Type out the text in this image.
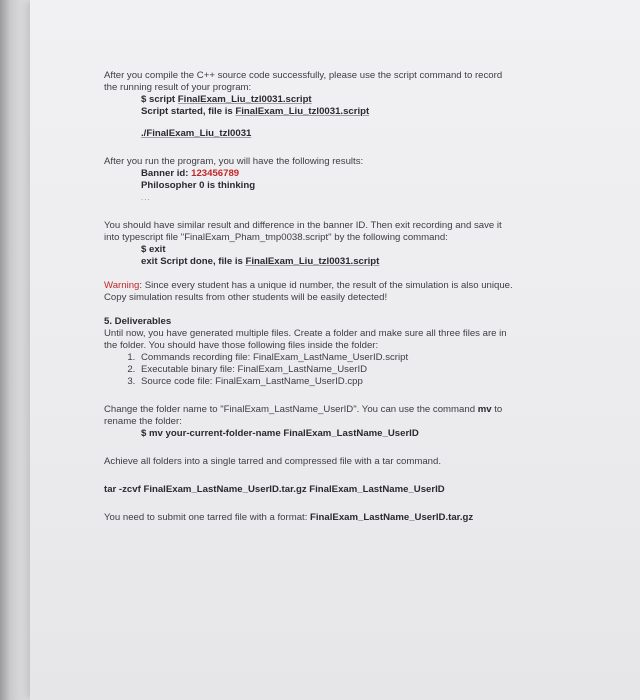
After you compile the C++ source code successfully, please use the script command to record
the running result of your program:

$ script FinalExam_Liu_tzl0031.script

Script started, file is FinalExam_Liu_tzl0031.script

./FinalExam_Liu_tzl0031

After you run the program, you will have the following results:

Banner id: 123456789

Philosopher 0 is thinking

...

You should have similar result and difference in the banner ID. Then exit recording and save it
into typescript file "FinalExam_Pham_tmp0038.script" by the following command:

$ exit

exit Script done, file is FinalExam_Liu_tzl0031.script

Warning: Since every student has a unique id number, the result of the simulation is also unique.
Copy simulation results from other students will be easily detected!

5. Deliverables

Until now, you have generated multiple files. Create a folder and make sure all three files are in
the folder. You should have those following files inside the folder:

1. Commands recording file: FinalExam_LastName_UserID.script
2. Executable binary file: FinalExam_LastName_UserID
3. Source code file: FinalExam_LastName_UserID.cpp

Change the folder name to "FinalExam_LastName_UserID". You can use the command mv to
rename the folder:

$ mv your-current-folder-name FinalExam_LastName_UserID

Achieve all folders into a single tarred and compressed file with a tar command.

tar -zcvf FinalExam_LastName_UserID.tar.gz FinalExam_LastName_UserID

You need to submit one tarred file with a format: FinalExam_LastName_UserID.tar.gz
